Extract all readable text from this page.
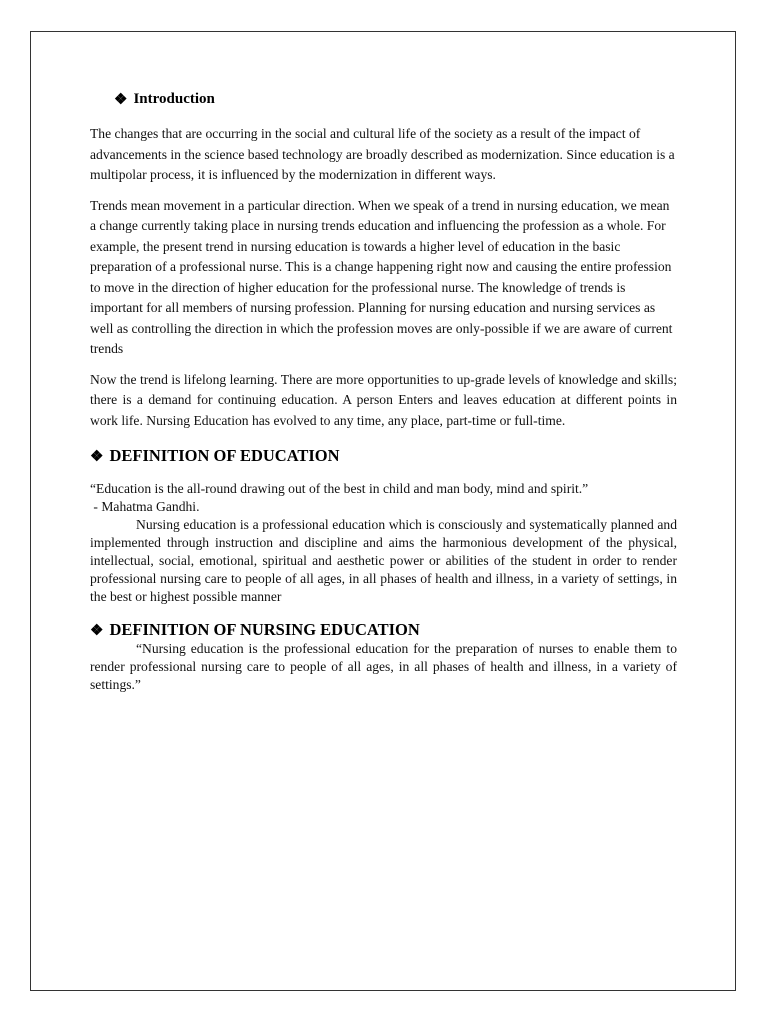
❖ Introduction

The changes that are occurring in the social and cultural life of the society as a result of the impact of advancements in the science based technology are broadly described as modernization. Since education is a multipolar process, it is influenced by the modernization in different ways.

Trends mean movement in a particular direction. When we speak of a trend in nursing education, we mean a change currently taking place in nursing trends education and influencing the profession as a whole. For example, the present trend in nursing education is towards a higher level of education in the basic preparation of a professional nurse. This is a change happening right now and causing the entire profession to move in the direction of higher education for the professional nurse. The knowledge of trends is important for all members of nursing profession. Planning for nursing education and nursing services as well as controlling the direction in which the profession moves are only-possible if we are aware of current trends

Now the trend is lifelong learning. There are more opportunities to up-grade levels of knowledge and skills; there is a demand for continuing education. A person Enters and leaves education at different points in work life. Nursing Education has evolved to any time, any place, part-time or full-time.

❖ DEFINITION OF EDUCATION

“Education is the all-round drawing out of the best in child and man body, mind and spirit.”

- Mahatma Gandhi.

Nursing education is a professional education which is consciously and systematically planned and implemented through instruction and discipline and aims the harmonious development of the physical, intellectual, social, emotional, spiritual and aesthetic power or abilities of the student in order to render professional nursing care to people of all ages, in all phases of health and illness, in a variety of settings, in the best or highest possible manner

❖ DEFINITION OF NURSING EDUCATION

“Nursing education is the professional education for the preparation of nurses to enable them to render professional nursing care to people of all ages, in all phases of health and illness, in a variety of settings.”
